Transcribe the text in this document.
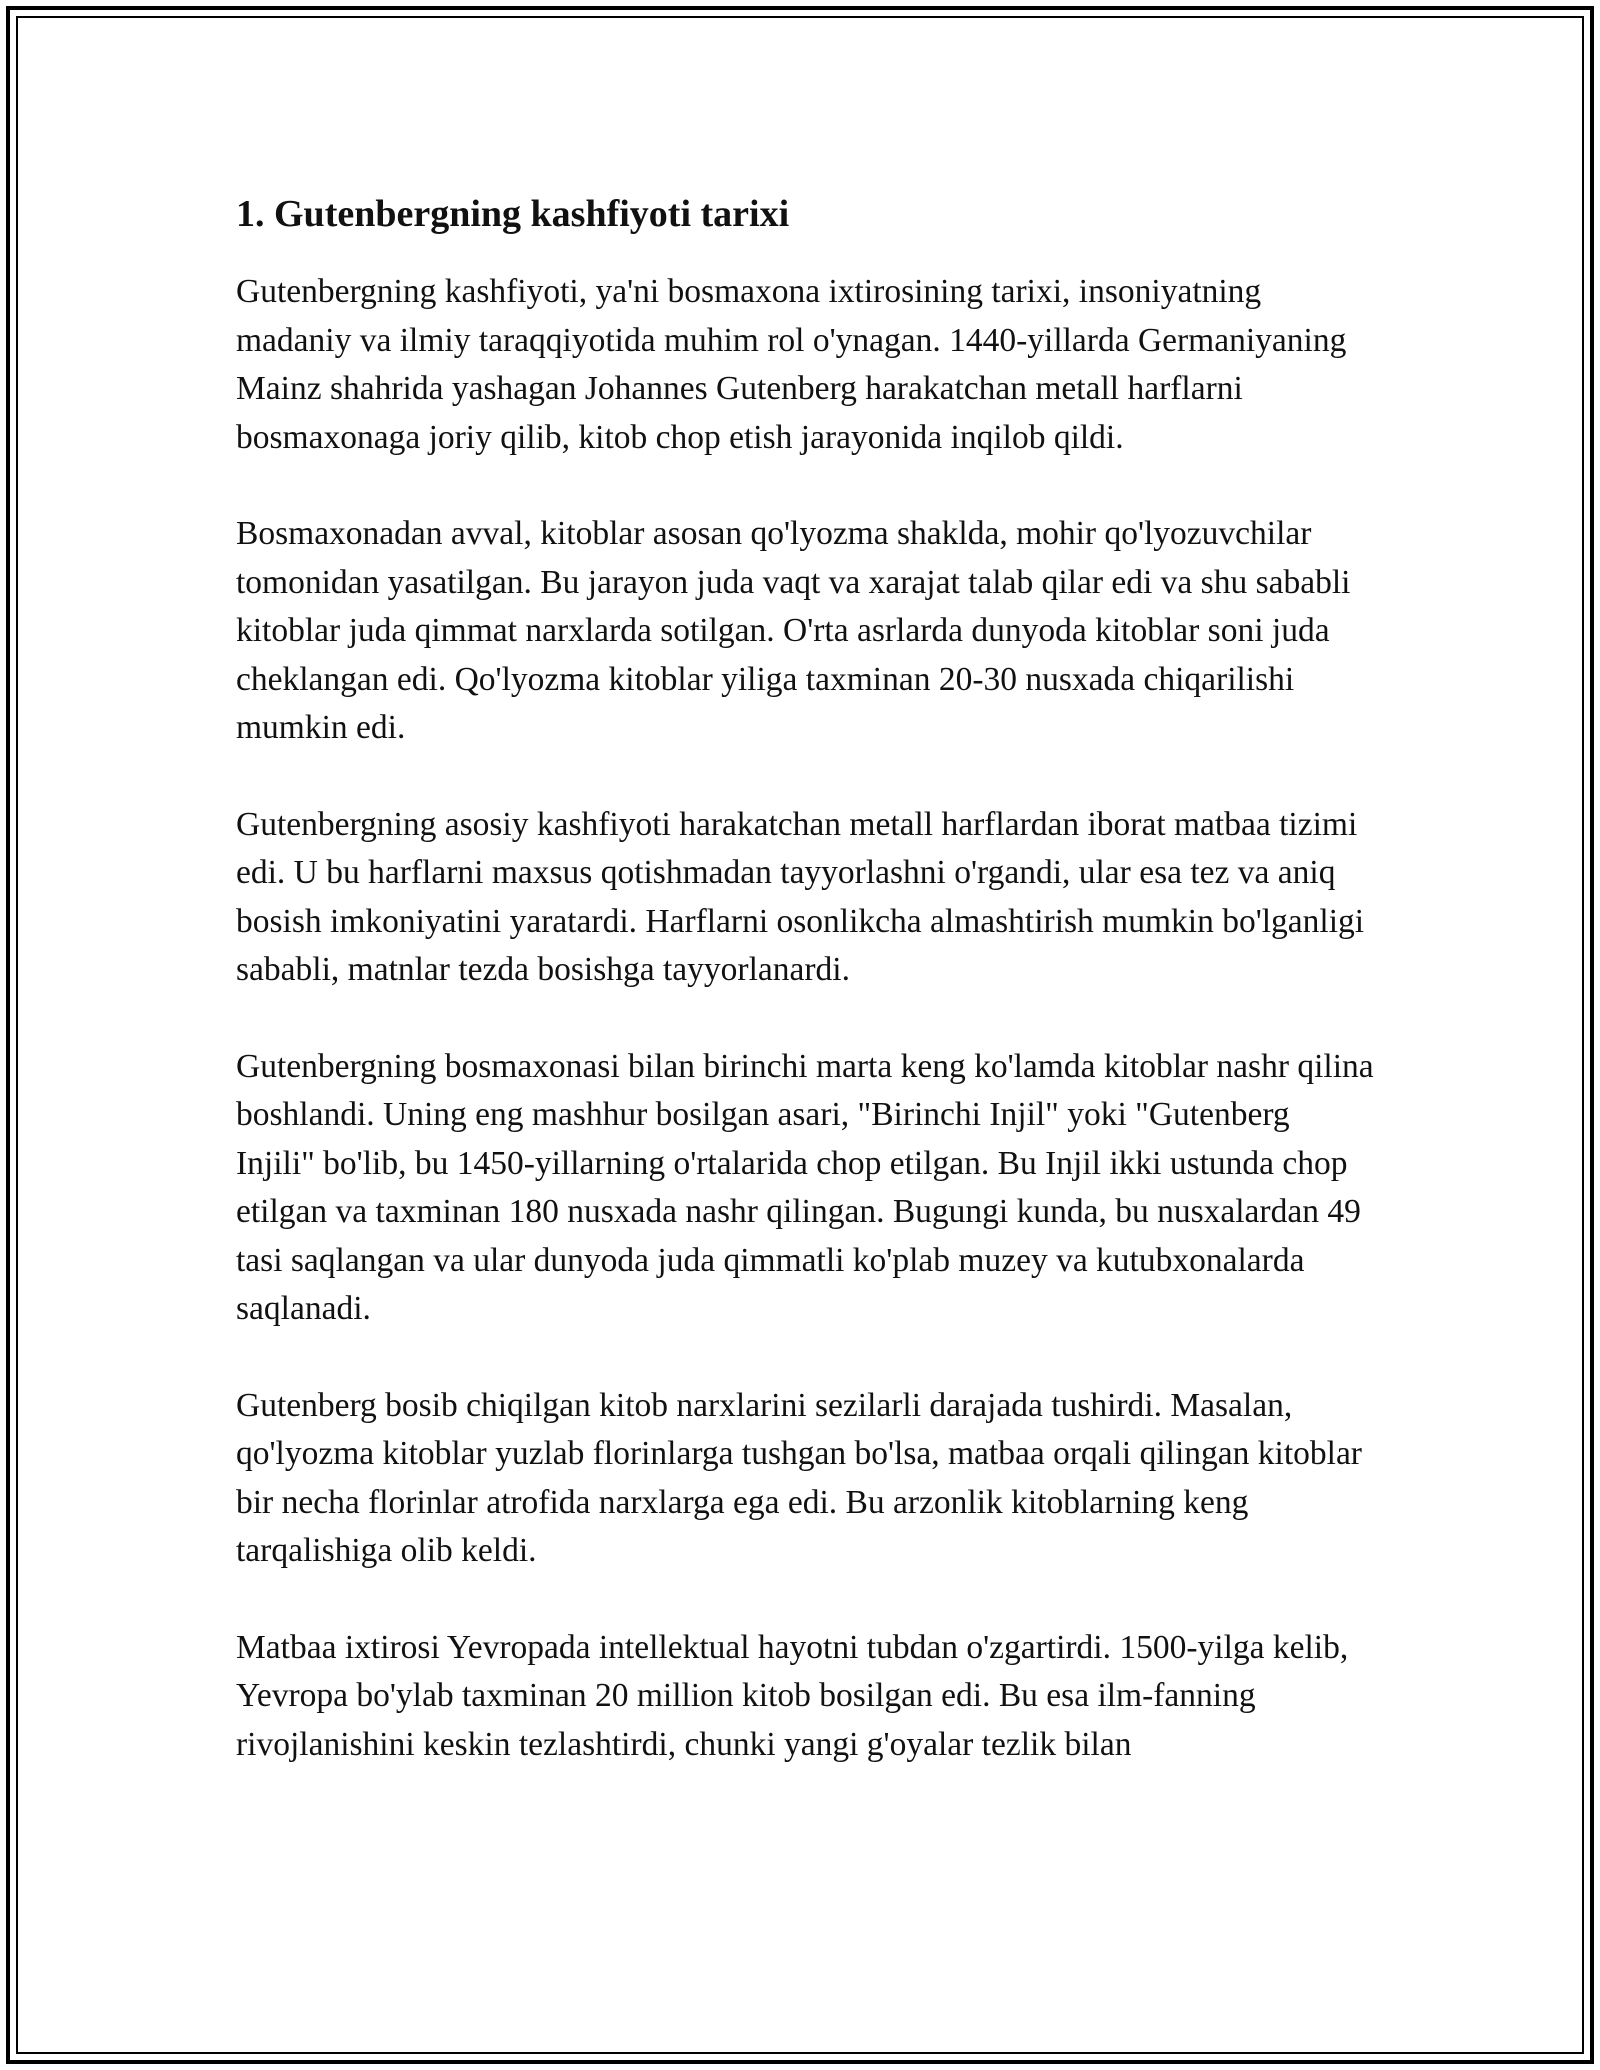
1. Gutenbergning kashfiyoti tarixi

Gutenbergning kashfiyoti, ya'ni bosmaxona ixtirosining tarixi, insoniyatning madaniy va ilmiy taraqqiyotida muhim rol o'ynagan. 1440-yillarda Germaniyaning Mainz shahrida yashagan Johannes Gutenberg harakatchan metall harflarni bosmaxonaga joriy qilib, kitob chop etish jarayonida inqilob qildi.

Bosmaxonadan avval, kitoblar asosan qo'lyozma shaklda, mohir qo'lyozuvchilar tomonidan yasatilgan. Bu jarayon juda vaqt va xarajat talab qilar edi va shu sababli kitoblar juda qimmat narxlarda sotilgan. O'rta asrlarda dunyoda kitoblar soni juda cheklangan edi. Qo'lyozma kitoblar yiliga taxminan 20-30 nusxada chiqarilishi mumkin edi.

Gutenbergning asosiy kashfiyoti harakatchan metall harflardan iborat matbaa tizimi edi. U bu harflarni maxsus qotishmadan tayyorlashni o'rgandi, ular esa tez va aniq bosish imkoniyatini yaratardi. Harflarni osonlikcha almashtirish mumkin bo'lganligi sababli, matnlar tezda bosishga tayyorlanardi.

Gutenbergning bosmaxonasi bilan birinchi marta keng ko'lamda kitoblar nashr qilina boshlandi. Uning eng mashhur bosilgan asari, "Birinchi Injil" yoki "Gutenberg Injili" bo'lib, bu 1450-yillarning o'rtalarida chop etilgan. Bu Injil ikki ustunda chop etilgan va taxminan 180 nusxada nashr qilingan. Bugungi kunda, bu nusxalardan 49 tasi saqlangan va ular dunyoda juda qimmatli ko'plab muzey va kutubxonalarda saqlanadi.

Gutenberg bosib chiqilgan kitob narxlarini sezilarli darajada tushirdi. Masalan, qo'lyozma kitoblar yuzlab florinlarga tushgan bo'lsa, matbaa orqali qilingan kitoblar bir necha florinlar atrofida narxlarga ega edi. Bu arzonlik kitoblarning keng tarqalishiga olib keldi.

Matbaa ixtirosi Yevropada intellektual hayotni tubdan o'zgartirdi. 1500-yilga kelib, Yevropa bo'ylab taxminan 20 million kitob bosilgan edi. Bu esa ilm-fanning rivojlanishini keskin tezlashtirdi, chunki yangi g'oyalar tezlik bilan
